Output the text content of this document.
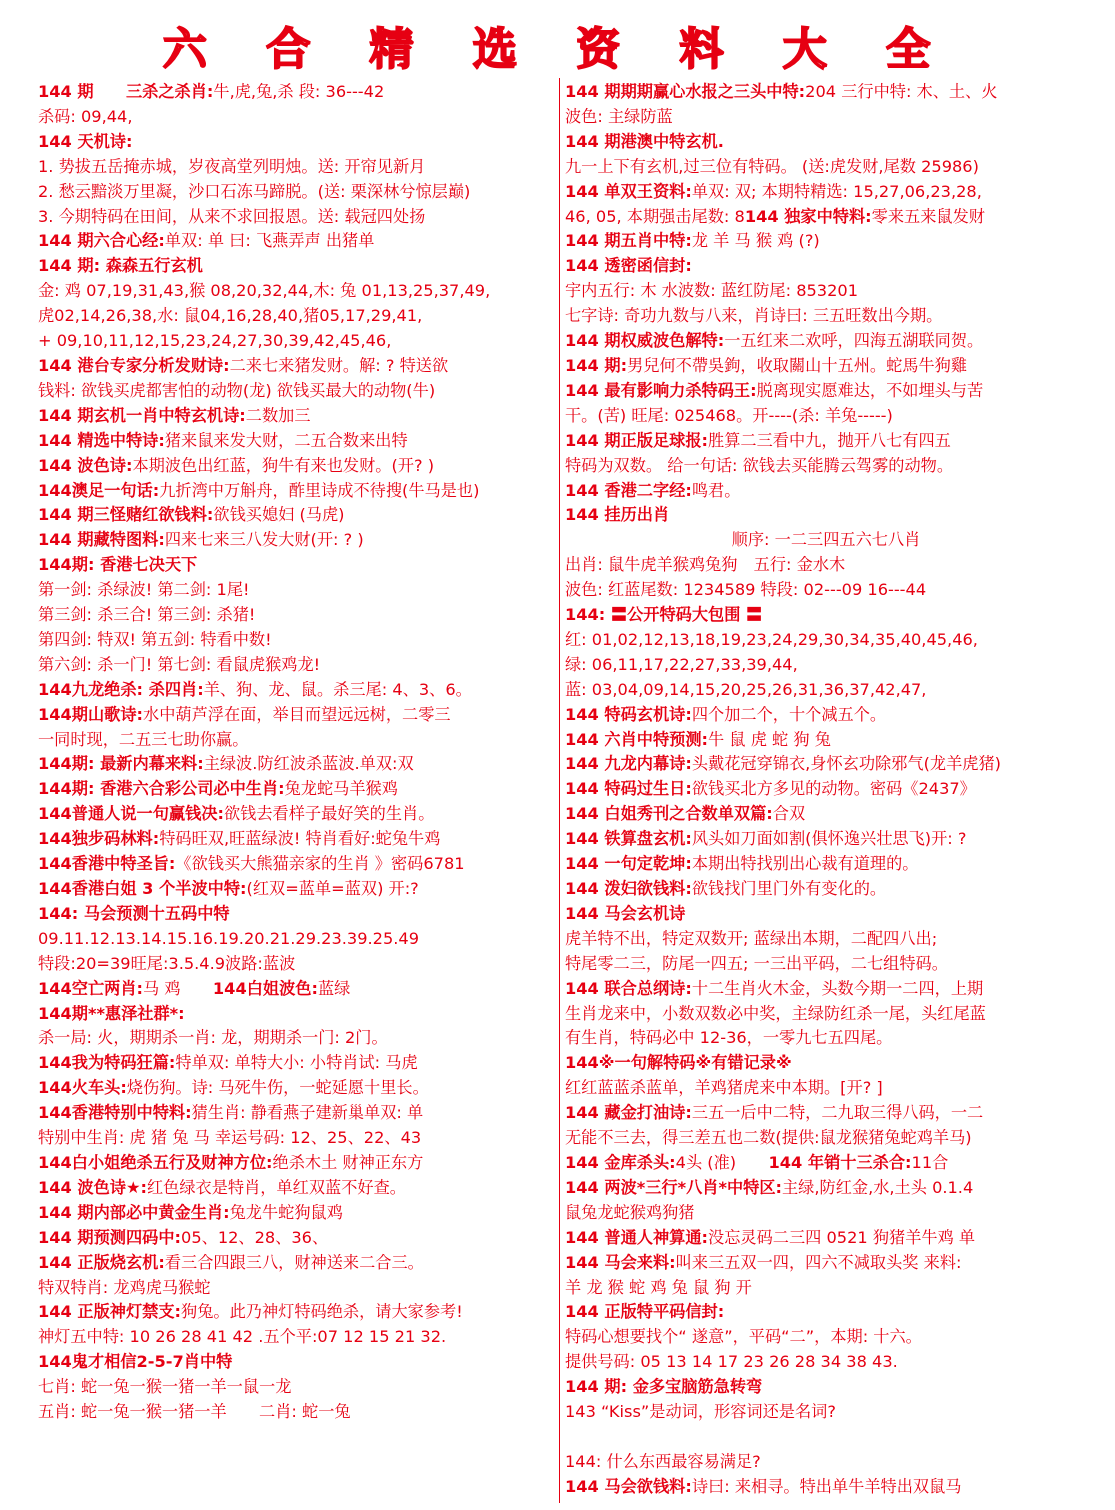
六 合 精 选 资 料 大 全
144 期　　三杀之杀肖:牛,虎,兔,杀 段: 36---42
杀码: 09,44,
144 天机诗:
1. 势拔五岳掩赤城，岁夜高堂列明烛。送: 开帘见新月
2. 愁云黯淡万里凝，沙口石冻马蹄脱。(送: 栗深林兮惊层巅)
3. 今期特码在田间，从来不求回报恩。送: 载冠四处扬
144 期六合心经:单双: 单 曰: 飞燕弄声 出猪单
144 期: 森森五行玄机
金: 鸡 07,19,31,43,猴 08,20,32,44,木: 兔 01,13,25,37,49,
虎02,14,26,38,水: 鼠04,16,28,40,猪05,17,29,41,
+ 09,10,11,12,15,23,24,27,30,39,42,45,46,
144 港台专家分析发财诗:二来七来猪发财。解: ? 特送欲
钱料: 欲钱买虎都害怕的动物(龙) 欲钱买最大的动物(牛)
144 期玄机一肖中特玄机诗:二数加三
144 精选中特诗:猪来鼠来发大财，二五合数来出特
144 波色诗:本期波色出红蓝，狗牛有来也发财。(开? )
144澳足一句话:九折湾中万斛舟，酢里诗成不待搜(牛马是也)
144 期三怪赌红欲钱料:欲钱买媳妇 (马虎)
144 期藏特图料:四来七来三八发大财(开: ? )
144期: 香港七决天下
第一剑: 杀绿波! 第二剑: 1尾!
第三剑: 杀三合! 第三剑: 杀猪!
第四剑: 特双! 第五剑: 特看中数!
第六剑: 杀一门! 第七剑: 看鼠虎猴鸡龙!
144九龙绝杀: 杀四肖:羊、狗、龙、鼠。杀三尾: 4、3、6。
144期山歌诗:水中葫芦浮在面，举目而望远远树，二零三
一同时现，二五三七助你赢。
144期: 最新内幕来料:主绿波.防红波杀蓝波.单双:双
144期: 香港六合彩公司必中生肖:兔龙蛇马羊猴鸡
144普通人说一句赢钱决:欲钱去看样子最好笑的生肖。
144独步码林料:特码旺双,旺蓝绿波! 特肖看好:蛇兔牛鸡
144香港中特圣旨:《欲钱买大熊猫亲家的生肖 》密码6781
144香港白姐 3 个半波中特:(红双=蓝单=蓝双) 开:?
144: 马会预测十五码中特
09.11.12.13.14.15.16.19.20.21.29.23.39.25.49
特段:20=39旺尾:3.5.4.9波路:蓝波
144空亡两肖:马 鸡　　144白姐波色:蓝绿
144期**惠泽社群*:
杀一局: 火，期期杀一肖: 龙，期期杀一门: 2门。
144我为特码狂篇:特单双: 单特大小: 小特肖试: 马虎
144火车头:烧伤狗。诗: 马死牛伤，一蛇延愿十里长。
144香港特别中特料:猜生肖: 静看燕子建新巢单双: 单
特别中生肖: 虎 猪 兔 马 幸运号码: 12、25、22、43
144白小姐绝杀五行及财神方位:绝杀木土 财神正东方
144 波色诗★:红色绿衣是特肖，单红双蓝不好查。
144 期内部必中黄金生肖:兔龙牛蛇狗鼠鸡
144 期预测四码中:05、12、28、36、
144 正版烧玄机:看三合四跟三八，财神送来二合三。
特双特肖: 龙鸡虎马猴蛇
144 正版神灯禁支:狗兔。此乃神灯特码绝杀，请大家参考!
神灯五中特: 10 26 28 41 42 .五个平:07 12 15 21 32.
144鬼才相信2-5-7肖中特
七肖: 蛇一兔一猴一猪一羊一鼠一龙
五肖: 蛇一兔一猴一猪一羊　　二肖: 蛇一兔
144 期期期赢心水报之三头中特:204 三行中特: 木、土、火
波色: 主绿防蓝
144 期港澳中特玄机.
九一上下有玄机,过三位有特码。 (送:虎发财,尾数 25986)
144 单双王资料:单双: 双; 本期特精选: 15,27,06,23,28,
46, 05, 本期强击尾数: 8144 独家中特料:零来五来鼠发财
144 期五肖中特:龙 羊 马 猴 鸡 (?)
144 透密函信封:
宇内五行: 木 水波数: 蓝红防尾: 853201
七字诗: 奇功九数与八来，肖诗曰: 三五旺数出今期。
144 期权威波色解特:一五红来二欢呼，四海五湖联同贺。
144 期:男兒何不帶吳鉤，收取關山十五州。蛇馬牛狗雞
144 最有影响力杀特码王:脱离现实愿难达，不如埋头与苦
干。(苦) 旺尾: 025468。开----(杀: 羊兔-----)
144 期正版足球报:胜算二三看中九，抛开八七有四五
特码为双数。 给一句话: 欲钱去买能腾云驾雾的动物。
144 香港二字经:鸣君。
144 挂历出肖
顺序: 一二三四五六七八肖
出肖: 鼠牛虎羊猴鸡兔狗　五行: 金水木
波色: 红蓝尾数: 1234589 特段: 02---09 16---44
144: 〓公开特码大包围 〓
红: 01,02,12,13,18,19,23,24,29,30,34,35,40,45,46,
绿: 06,11,17,22,27,33,39,44,
蓝: 03,04,09,14,15,20,25,26,31,36,37,42,47,
144 特码玄机诗:四个加二个，十个减五个。
144 六肖中特预测:牛 鼠 虎 蛇 狗 兔
144 九龙内幕诗:头戴花冠穿锦衣,身怀玄功除邪气(龙羊虎猪)
144 特码过生日:欲钱买北方多见的动物。密码《2437》
144 白姐秀刊之合数单双篇:合双
144 铁算盘玄机:风头如刀面如割(俱怀逸兴壮思飞)开: ?
144 一句定乾坤:本期出特找别出心裁有道理的。
144 泼妇欲钱料:欲钱找门里门外有变化的。
144 马会玄机诗
虎羊特不出，特定双数开; 蓝绿出本期，二配四八出;
特尾零二三，防尾一四五; 一三出平码，二七组特码。
144 联合总纲诗:十二生肖火木金，头数今期一二四，上期
生肖龙来中，小数双数必中奖，主绿防红杀一尾，头红尾蓝
有生肖，特码必中 12-36，一零九七五四尾。
144※一句解特码※有错记录※
红红蓝蓝杀蓝单，羊鸡猪虎来中本期。[开? ]
144 藏金打油诗:三五一后中二特，二九取三得八码，一二
无能不三去，得三差五也二数(提供:鼠龙猴猪兔蛇鸡羊马)
144 金库杀头:4头 (准)　　144 年销十三杀合:11合
144 两波*三行*八肖*中特区:主绿,防红金,水,土头 0.1.4
鼠兔龙蛇猴鸡狗猪
144 普通人神算通:没忘灵码二三四 0521 狗猪羊牛鸡 单
144 马会来料:叫来三五双一四，四六不减取头奖 来料:
羊 龙 猴 蛇 鸡 兔 鼠 狗 开
144 正版特平码信封:
特码心想要找个“ 遂意”，平码“二”，本期: 十六。
提供号码: 05 13 14 17 23 26 28 34 38 43.
144 期: 金多宝脑筋急转弯
143 “Kiss”是动词，形容词还是名词?
144: 什么东西最容易满足?
144 马会欲钱料:诗曰: 来相寻。特出单牛羊特出双鼠马
